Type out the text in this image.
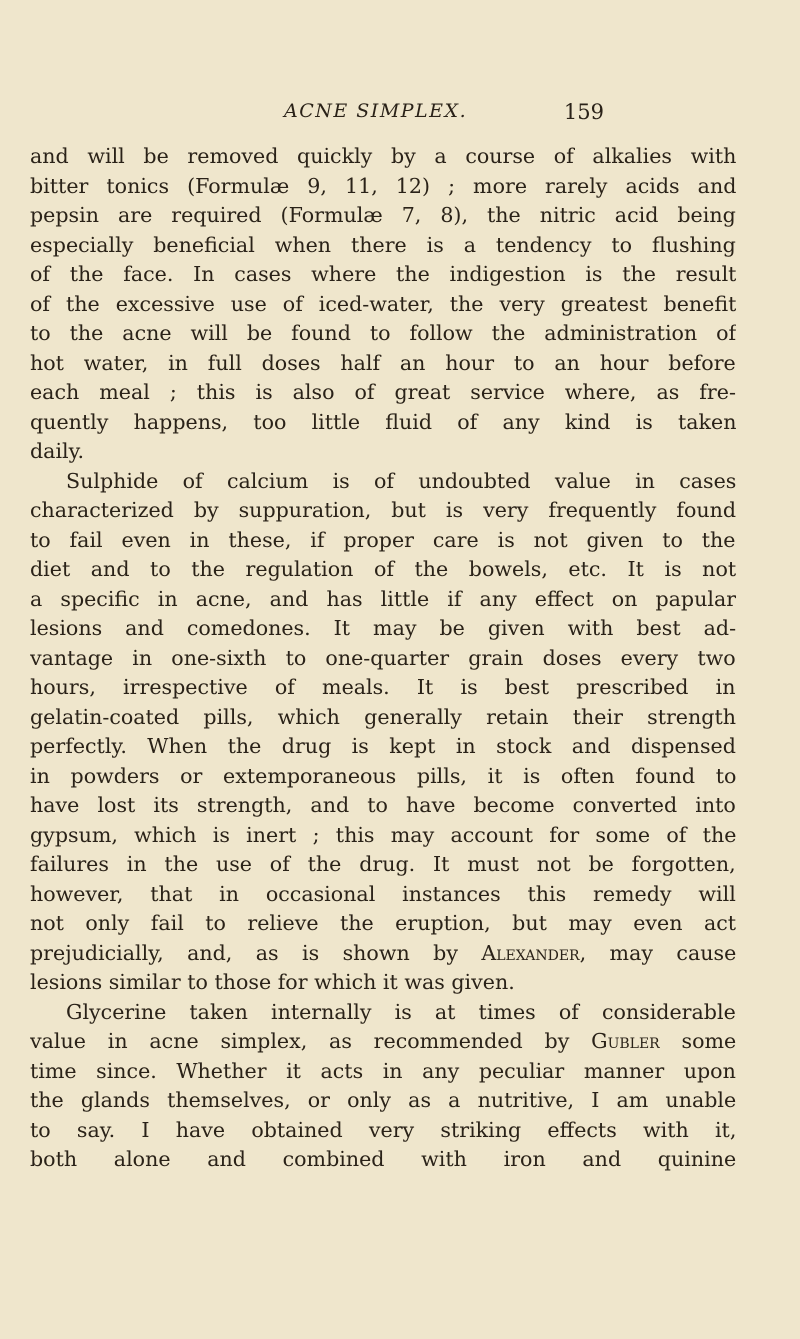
ACNE SIMPLEX.	159
and will be removed quickly by a course of alkalies with
bitter tonics (Formulæ 9, 11, 12) ; more rarely acids and
pepsin are required (Formulæ 7, 8), the nitric acid being
especially beneficial when there is a tendency to flushing
of the face. In cases where the indigestion is the result
of the excessive use of iced-water, the very greatest benefit
to the acne will be found to follow the administration of
hot water, in full doses half an hour to an hour before
each meal ; this is also of great service where, as fre-
quently happens, too little fluid of any kind is taken
daily.
Sulphide of calcium is of undoubted value in cases
characterized by suppuration, but is very frequently found
to fail even in these, if proper care is not given to the
diet and to the regulation of the bowels, etc. It is not
a specific in acne, and has little if any effect on papular
lesions and comedones. It may be given with best ad-
vantage in one-sixth to one-quarter grain doses every two
hours, irrespective of meals. It is best prescribed in
gelatin-coated pills, which generally retain their strength
perfectly. When the drug is kept in stock and dispensed
in powders or extemporaneous pills, it is often found to
have lost its strength, and to have become converted into
gypsum, which is inert ; this may account for some of the
failures in the use of the drug. It must not be forgotten,
however, that in occasional instances this remedy will
not only fail to relieve the eruption, but may even act
prejudicially, and, as is shown by Alexander, may cause
lesions similar to those for which it was given.
Glycerine taken internally is at times of considerable
value in acne simplex, as recommended by Gubler some
time since. Whether it acts in any peculiar manner upon
the glands themselves, or only as a nutritive, I am unable
to say. I have obtained very striking effects with it,
both alone and combined with iron and quinine
